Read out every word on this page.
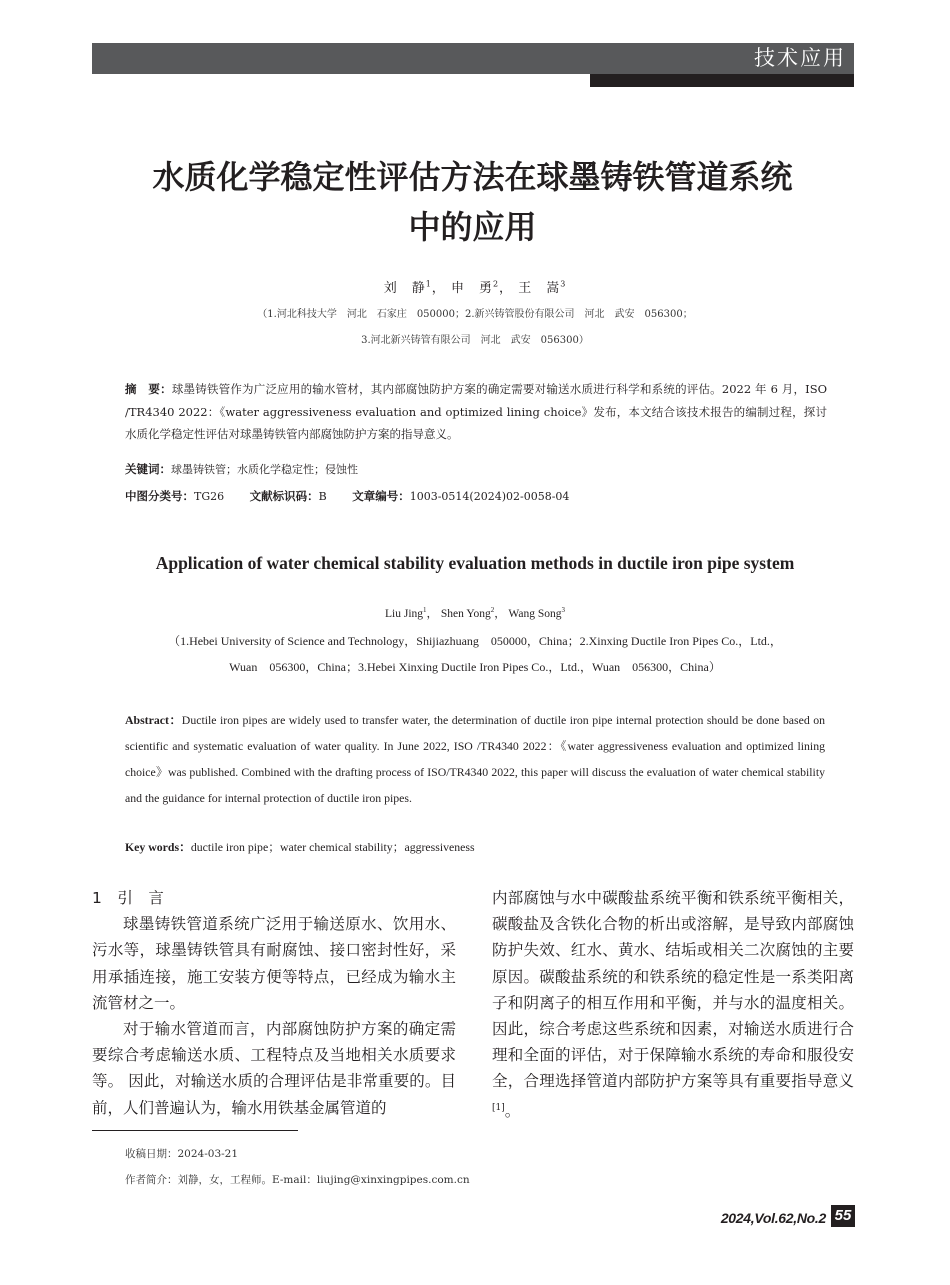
技术应用
水质化学稳定性评估方法在球墨铸铁管道系统
中的应用
刘　静$^1$， 申　勇$^2$， 王　嵩$^3$
（1.河北科技大学　河北　石家庄　050000；2.新兴铸管股份有限公司　河北　武安　056300；
3.河北新兴铸管有限公司　河北　武安　056300）
摘　要：球墨铸铁管作为广泛应用的输水管材，其内部腐蚀防护方案的确定需要对输送水质进行科学和系统的评估。2022 年 6 月，ISO /TR4340 2022：《water aggressiveness evaluation and optimized lining choice》发布，本文结合该技术报告的编制过程，探讨水质化学稳定性评估对球墨铸铁管内部腐蚀防护方案的指导意义。
关键词：球墨铸铁管；水质化学稳定性；侵蚀性
中图分类号：TG26　　 文献标识码：B　　 文章编号：1003-0514(2024)02-0058-04
Application of water chemical stability evaluation methods in ductile iron pipe system
Liu Jing$^1$， Shen Yong$^2$， Wang Song$^3$
（1.Hebei University of Science and Technology，Shijiazhuang　050000，China；2.Xinxing Ductile Iron Pipes Co.，Ltd.，
Wuan　056300，China；3.Hebei Xinxing Ductile Iron Pipes Co.，Ltd.，Wuan　056300，China）
Abstract：Ductile iron pipes are widely used to transfer water, the determination of ductile iron pipe internal protection should be done based on scientific and systematic evaluation of water quality. In June 2022, ISO /TR4340 2022：《water aggressiveness evaluation and optimized lining choice》was published. Combined with the drafting process of ISO/TR4340 2022, this paper will discuss the evaluation of water chemical stability and the guidance for internal protection of ductile iron pipes.
Key words：ductile iron pipe；water chemical stability；aggressiveness

1　引　言

球墨铸铁管道系统广泛用于输送原水、饮用水、污水等，球墨铸铁管具有耐腐蚀、接口密封性好，采用承插连接，施工安装方便等特点，已经成为输水主流管材之一。

对于输水管道而言，内部腐蚀防护方案的确定需要综合考虑输送水质、工程特点及当地相关水质要求等。 因此，对输送水质的合理评估是非常重要的。目前，人们普遍认为，输水用铁基金属管道的

内部腐蚀与水中碳酸盐系统平衡和铁系统平衡相关，碳酸盐及含铁化合物的析出或溶解，是导致内部腐蚀防护失效、红水、黄水、结垢或相关二次腐蚀的主要原因。碳酸盐系统的和铁系统的稳定性是一系类阳离子和阴离子的相互作用和平衡，并与水的温度相关。因此，综合考虑这些系统和因素，对输送水质进行合理和全面的评估，对于保障输水系统的寿命和服役安全，合理选择管道内部防护方案等具有重要指导意义[1]。

收稿日期：2024-03-21
作者简介：刘静，女，工程师。E-mail：liujing@xinxingpipes.com.cn
2024,Vol.62,No.2 55
